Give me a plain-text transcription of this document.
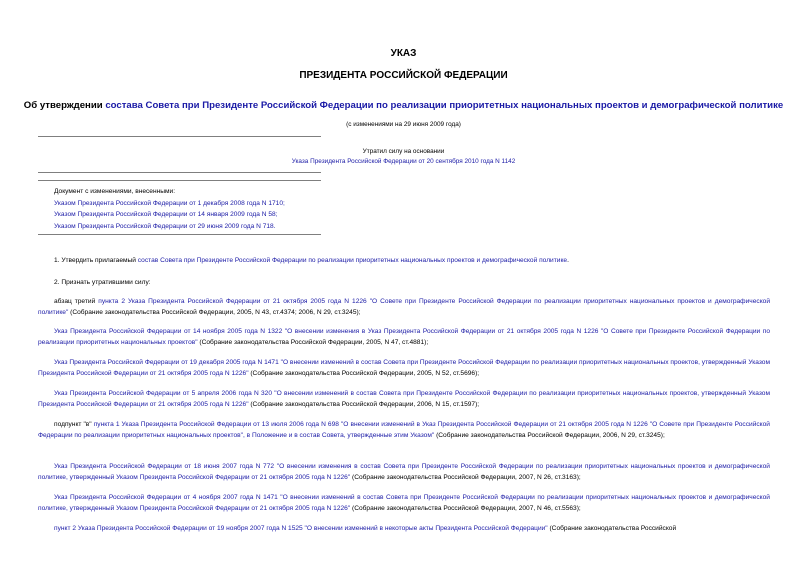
УКАЗ
ПРЕЗИДЕНТА РОССИЙСКОЙ ФЕДЕРАЦИИ
Об утверждении состава Совета при Президенте Российской Федерации по реализации приоритетных национальных проектов и демографической политике
(с изменениями на 29 июня 2009 года)
Утратил силу на основании
Указа Президента Российской Федерации от 20 сентября 2010 года N 1142
Документ с изменениями, внесенными:
Указом Президента Российской Федерации от 1 декабря 2008 года N 1710;
Указом Президента Российской Федерации от 14 января 2009 года N 58;
Указом Президента Российской Федерации от 29 июня 2009 года N 718.
1. Утвердить прилагаемый состав Совета при Президенте Российской Федерации по реализации приоритетных национальных проектов и демографической политике.
2. Признать утратившими силу:
абзац третий пункта 2 Указа Президента Российской Федерации от 21 октября 2005 года N 1226 "О Совете при Президенте Российской Федерации по реализации приоритетных национальных проектов и демографической политике" (Собрание законодательства Российской Федерации, 2005, N 43, ст.4374; 2006, N 29, ст.3245);
Указ Президента Российской Федерации от 14 ноября 2005 года N 1322 "О внесении изменения в Указ Президента Российской Федерации от 21 октября 2005 года N 1226 "О Совете при Президенте Российской Федерации по реализации приоритетных национальных проектов" (Собрание законодательства Российской Федерации, 2005, N 47, ст.4881);
Указ Президента Российской Федерации от 19 декабря 2005 года N 1471 "О внесении изменений в состав Совета при Президенте Российской Федерации по реализации приоритетных национальных проектов, утвержденный Указом Президента Российской Федерации от 21 октября 2005 года N 1226" (Собрание законодательства Российской Федерации, 2005, N 52, ст.5696);
Указ Президента Российской Федерации от 5 апреля 2006 года N 320 "О внесении изменений в состав Совета при Президенте Российской Федерации по реализации приоритетных национальных проектов, утвержденный Указом Президента Российской Федерации от 21 октября 2005 года N 1226" (Собрание законодательства Российской Федерации, 2006, N 15, ст.1597);
подпункт "в" пункта 1 Указа Президента Российской Федерации от 13 июля 2006 года N 698 "О внесении изменений в Указ Президента Российской Федерации от 21 октября 2005 года N 1226 "О Совете при Президенте Российской Федерации по реализации приоритетных национальных проектов", в Положение и в состав Совета, утвержденные этим Указом" (Собрание законодательства Российской Федерации, 2006, N 29, ст.3245);
Указ Президента Российской Федерации от 18 июня 2007 года N 772 "О внесении изменения в состав Совета при Президенте Российской Федерации по реализации приоритетных национальных проектов и демографической политике, утвержденный Указом Президента Российской Федерации от 21 октября 2005 года N 1226" (Собрание законодательства Российской Федерации, 2007, N 26, ст.3163);
Указ Президента Российской Федерации от 4 ноября 2007 года N 1471 "О внесении изменений в состав Совета при Президенте Российской Федерации по реализации приоритетных национальных проектов и демографической политике, утвержденный Указом Президента Российской Федерации от 21 октября 2005 года N 1226" (Собрание законодательства Российской Федерации, 2007, N 46, ст.5563);
пункт 2 Указа Президента Российской Федерации от 19 ноября 2007 года N 1525 "О внесении изменений в некоторые акты Президента Российской Федерации" (Собрание законодательства Российской
